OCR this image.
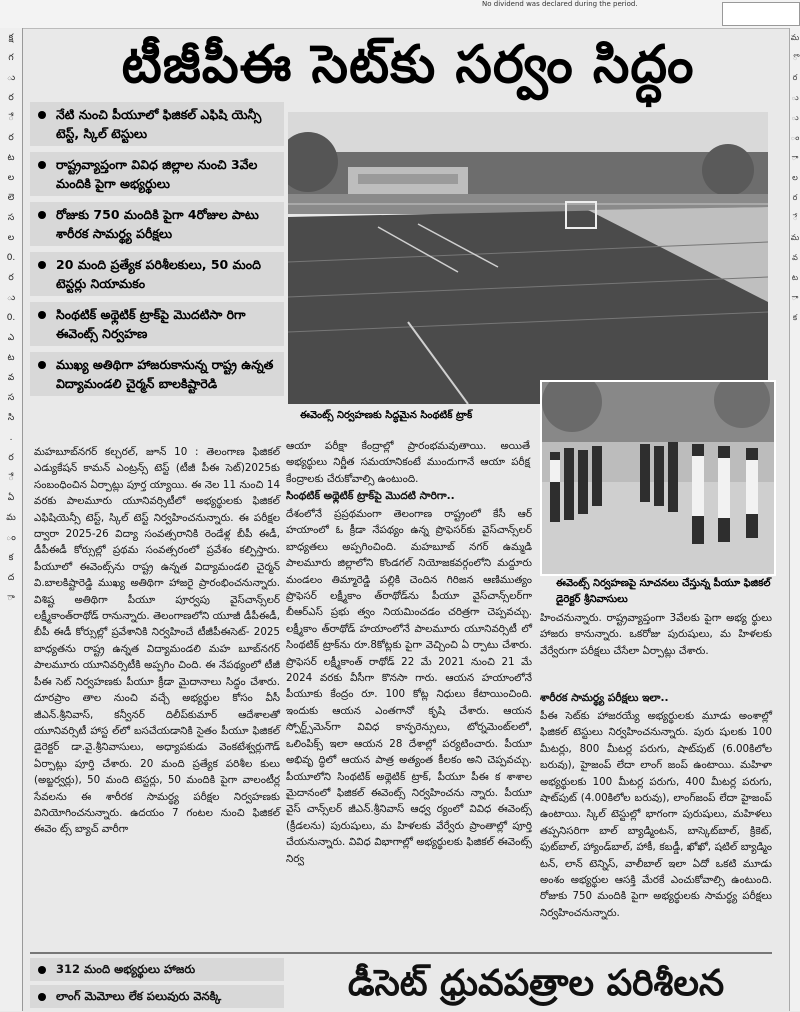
No dividend was declared during the period.
క్ష
గ
ు
ర
ే
ర
ట
ల
లె
స
ల
0.
ర
ు
0.
ఎ
ట
వ
స
సి
.
ర
ే
ఏ
మ
ం
క
ద
ా
మ
ొ
ర
ు
ు
ం
ా
ల
ర
ే
మ
వ
ట
ా
క
టీజీపీఈ సెట్‌కు సర్వం సిద్ధం
నేటి నుంచి పీయూలో ఫిజికల్ ఎఫిషి యెన్సీ టెస్ట్, స్కిల్ టెస్టులు
రాష్ట్రవ్యాప్తంగా వివిధ జిల్లాల నుంచి 3వేల మందికి పైగా అభ్యర్థులు
రోజుకు 750 మందికి పైగా 4రోజుల పాటు శారీరక సామర్థ్య పరీక్షలు
20 మంది ప్రత్యేక పరిశీలకులు, 50 మంది టెస్టర్లు నియామకం
సింథటిక్ అథ్లెటిక్ ట్రాక్‌పై మొదటిసా రిగా ఈవెంట్స్ నిర్వహణ
ముఖ్య అతిథిగా హాజరుకానున్న రాష్ట్ర ఉన్నత విద్యామండలి చైర్మన్ బాలకిష్టారెడి
ఈవెంట్స్ నిర్వహణకు సిద్ధమైన సింథటిక్ ట్రాక్
ఈవెంట్స్ నిర్వహణపై సూచనలు చేస్తున్న పీయూ ఫిజికల్ డైరెక్టర్ శ్రీనివాసులు
మహబూబ్‌నగర్ కల్చరల్, జూన్ 10 : తెలంగాణ ఫిజికల్ ఎడ్యుకేషన్ కామన్ ఎంట్రన్స్ టెస్ట్ (టీజీ పీఈ సెట్)2025కు సంబంధించిన ఏర్పాట్లు పూర్త య్యాయి. ఈ నెల 11 నుంచి 14 వరకు పాలమూరు యూనివర్సిటీలో అభ్యర్థులకు ఫిజికల్ ఎఫిషియెన్సీ టెస్ట్, స్కిల్ టెస్ట్ నిర్వహించనున్నారు. ఈ పరీక్షల ద్వారా 2025-26 విద్యా సంవత్సరానికి రెండేళ్ల బీపీ ఈడీ, డీపీఈడీ కోర్సుల్లో ప్రథమ సంవత్సరంలో ప్రవేశం కల్పిస్తారు. పీయూలో ఈవెంట్స్‌ను రాష్ట్ర ఉన్నత విద్యామండలి చైర్మన్ వి.బాలకిష్టారెడ్డి ముఖ్య అతిథిగా హాజరై ప్రారంభించనున్నారు. విశిష్ట అతిథిగా పీయూ పూర్వపు వైస్‌చాన్స్‌లర్ లక్ష్మీకాంత్‌రాథోడ్ రానున్నారు. తెలంగాణలోని యూజీ డీపీఈడీ, బీపీ ఈడీ కోర్సుల్లో ప్రవేశానికి నిర్వహించే టీజీపీఈసెట్- 2025 బాధ్యతను రాష్ట్ర ఉన్నత విద్యామండలి మహ బూబ్‌నగర్ పాలమూరు యూనివర్సిటీకి అప్పగిం చింది. ఈ నేపథ్యంలో టీజీ పీఈ సెట్ నిర్వహణకు పీయూ క్రీడా మైదానాలు సిద్ధం చేశారు. దూరప్రాం తాల నుంచి వచ్చే అభ్యర్థుల కోసం వీసీ జీఎన్.శ్రీనివాస్, కన్వీనర్ దిలీప్‌కుమార్ ఆదేశాలతో యూనివర్సిటీ హాస్ట ల్‌లో బసచేయడానికి సైతం పీయూ ఫిజికల్ డైరెక్టర్ డా.వై.శ్రీనివాసులు, అధ్యాపకుడు వెంకటేశ్వర్లుగౌడ్ ఏర్పాట్లు పూర్తి చేశారు. 20 మంది ప్రత్యేక పరిశీల కులు (అబ్జర్వర్లు), 50 మంది టెస్టర్లు, 50 మందికి పైగా వాలంటీర్ల సేవలను ఈ శారీరక సామర్థ్య పరీక్షల నిర్వహణకు వినియోగించనున్నారు. ఉదయం 7 గంటల నుంచి ఫిజికల్ ఈవెం ట్స్ బ్యాచ్ వారీగా
ఆయా పరీక్షా కేంద్రాల్లో ప్రారంభమవుతాయి. అయితే అభ్యర్థులు నిర్ణీత సమయానికంటే ముందుగానే ఆయా పరీక్ష కేంద్రాలకు చేరుకోవాల్సి ఉంటుంది.
సింథటిక్ అథ్లెటిక్ ట్రాక్‌పై మొదటి సారిగా..
దేశంలోనే ప్రప్రథమంగా తెలంగాణ రాష్ట్రంలో కేసీ ఆర్ హయాంలో ఓ క్రీడా నేపథ్యం ఉన్న ప్రొఫెసర్‌కు వైస్‌చాన్స్‌లర్ బాధ్యతలు అప్పగించింది. మహబూబ్ నగర్ ఉమ్మడి పాలమూరు జిల్లాలోని కొండగల్ నియోజకవర్గంలోని మద్దూరు మండలం తిమ్మారెడ్డి పల్లికి చెందిన గిరిజన ఆణిముత్యం ప్రొఫెసర్ లక్ష్మీకాం త్‌రాథోడ్‌ను పీయూ వైస్‌చాన్స్‌లర్‌గా బీఆర్ఎస్ ప్రభు త్వం నియమించడం చరిత్రగా చెప్పవచ్చు. లక్ష్మీకాం త్‌రాథోడ్ హయాంలోనే పాలమూరు యూనివర్సిటీ లో సింథటిక్ ట్రాక్‌ను రూ.8కోట్లకు పైగా వెచ్చించి ఏ ర్పాటు చేశారు. ప్రొఫెసర్ లక్ష్మీకాంత్ రాథోడ్ 22 మే 2021 నుంచి 21 మే 2024 వరకు వీసీగా కొనసా గారు. ఆయన హయాంలోనే పీయూకు కేంద్రం రూ. 100 కోట్ల నిధులు కేటాయించింది. ఇందుకు ఆయన ఎంతగానో కృషి చేశారు. ఆయన స్పోర్ట్స్‌మెన్‌గా వివిధ కాన్ఫరెన్సులు, టోర్నమెంట్‌లలో, ఒలింపిక్స్ ఇలా ఆయన 28 దేశాల్లో పర్యటించారు. పీయూ అభివృ ద్ధిలో ఆయన పాత్ర అత్యంత కీలకం అని చెప్పవచ్చు. పీయూలోని సింథటిక్ అథ్లెటిక్ ట్రాక్, పీయూ పీఈ క శాశాల మైదానంలో ఫిజికల్ ఈవెంట్స్ నిర్వహించను న్నారు. పీయూ వైస్ చాన్స్‌లర్ జీఎన్.శ్రీనివాస్ ఆధ్వ ర్యంలో వివిధ ఈవెంట్స్ (క్రీడలను) పురుషులు, మ హిళలకు వేర్వేరు ప్రాంతాల్లో పూర్తి చేయనున్నారు. వివిధ విభాగాల్లో అభ్యర్థులకు ఫిజికల్ ఈవెంట్స్ నిర్వ
హించనున్నారు. రాష్ట్రవ్యాప్తంగా 3వేలకు పైగా అభ్య ర్థులు హాజరు కానున్నారు. ఒకరోజు పురుషులు, మ హిళలకు వేర్వేరుగా పరీక్షలు చేసేలా ఏర్పాట్లు చేశారు.
శారీరక సామర్థ్య పరీక్షలు ఇలా..
పీఈ సెట్‌కు హాజరయ్యే అభ్యర్థులకు మూడు అంశాల్లో ఫిజికల్ టెస్టులు నిర్వహించనున్నారు. పురు షులకు 100 మీటర్లు, 800 మీటర్ల పరుగు, షాట్‌పుట్ (6.00కిలోల బరువు), హైజంప్ లేదా లాంగ్ జంప్ ఉంటాయి. మహిళా అభ్యర్థులకు 100 మీటర్ల పరుగు, 400 మీటర్ల పరుగు, షాట్‌పుట్ (4.00కిలోల బరువు), లాంగ్‌జంప్ లేదా హైజంప్ ఉంటాయి. స్కిల్ టెస్టుల్లో భాగంగా పురుషులు, మహిళలు తప్పనిసరిగా బాల్ బ్యాడ్మింటన్, బాస్కెట్‌బాల్, క్రికెట్, ఫుట్‌బాల్, హ్యాండ్‌బాల్, హాకీ, కబడ్డీ, ఖోఖో, షటిల్ బ్యాడ్మిం టన్, లాన్ టెన్నిస్, వాలీబాల్ ఇలా ఏదో ఒకటి మూడు అంశం అభ్యర్థుల ఆసక్తి మేరకే ఎంచుకోవాల్సి ఉంటుంది. రోజుకు 750 మందికి పైగా అభ్యర్థులకు సామర్థ్య పరీక్షలు నిర్వహించనున్నారు.
312 మంది అభ్యర్థులు హాజరు
లాంగ్ మెమోలు లేక పలువురు వెనక్కి	డీసెట్ ధ్రువపత్రాల పరిశీలన
